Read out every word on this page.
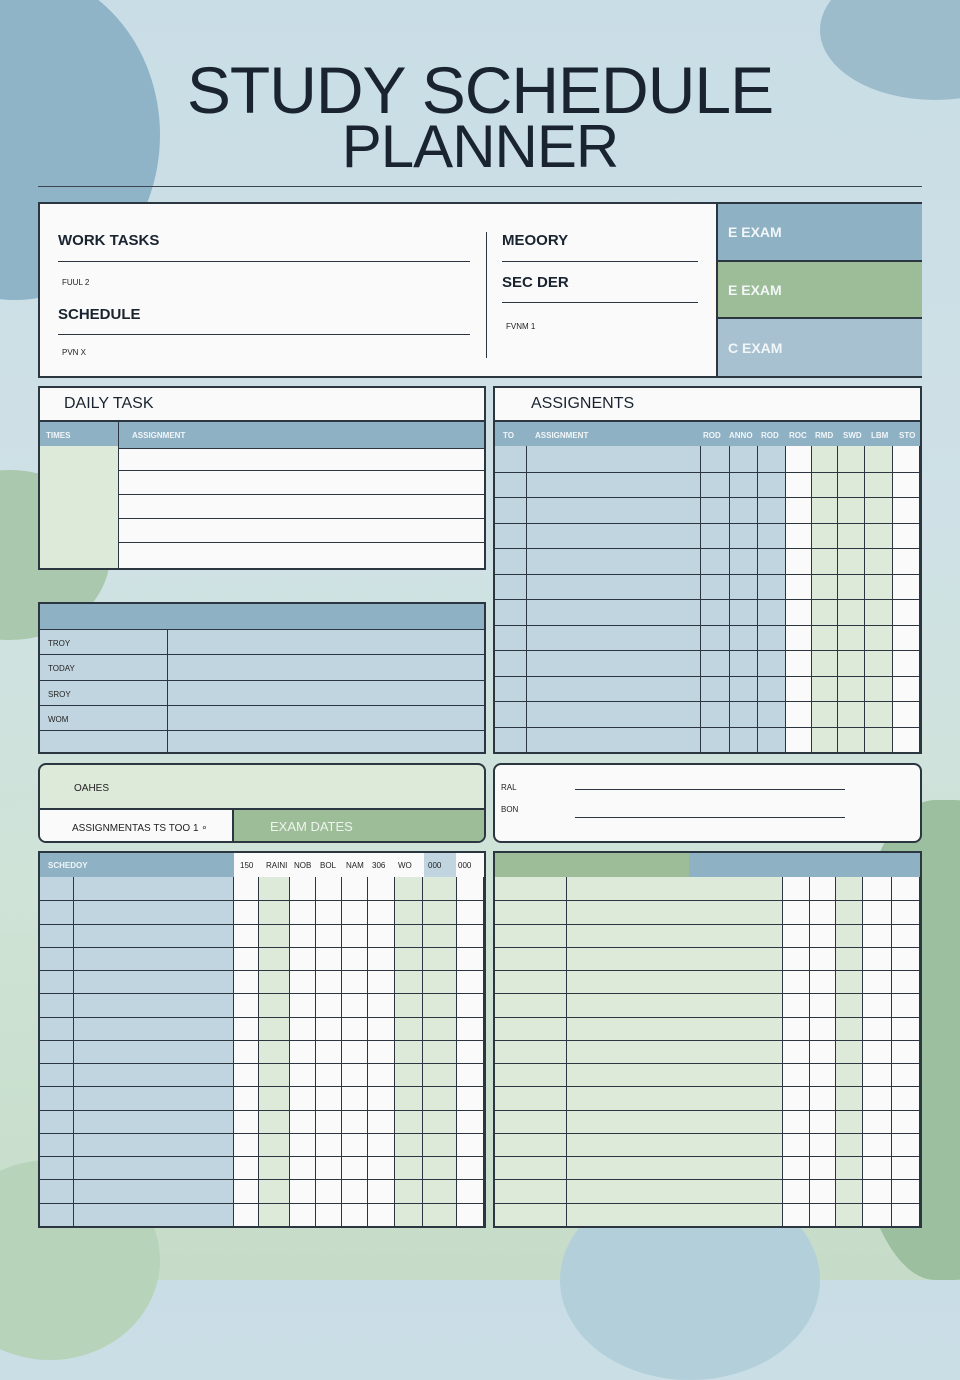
STUDY SCHEDULE
PLANNER
WORK TASKS
FUUL 2
SCHEDULE
PVN X
MEOORY
SEC DER
FVNM 1
E EXAM
E EXAM
C EXAM
DAILY TASK
TIMES	ASSIGNMENT
TROY
TODAY
SROY
WOM
ASSIGNENTS
TO	ASSIGNMENT	ROD ANNO ROD ROC RMD SWD LBM STO
OAHES
ASSIGNMENTAS TS TOO 1 ∘	EXAM DATES
RAL
BON
SCHEDOY	150 RAINI NOB BOL NAM 306 WO 000 000
